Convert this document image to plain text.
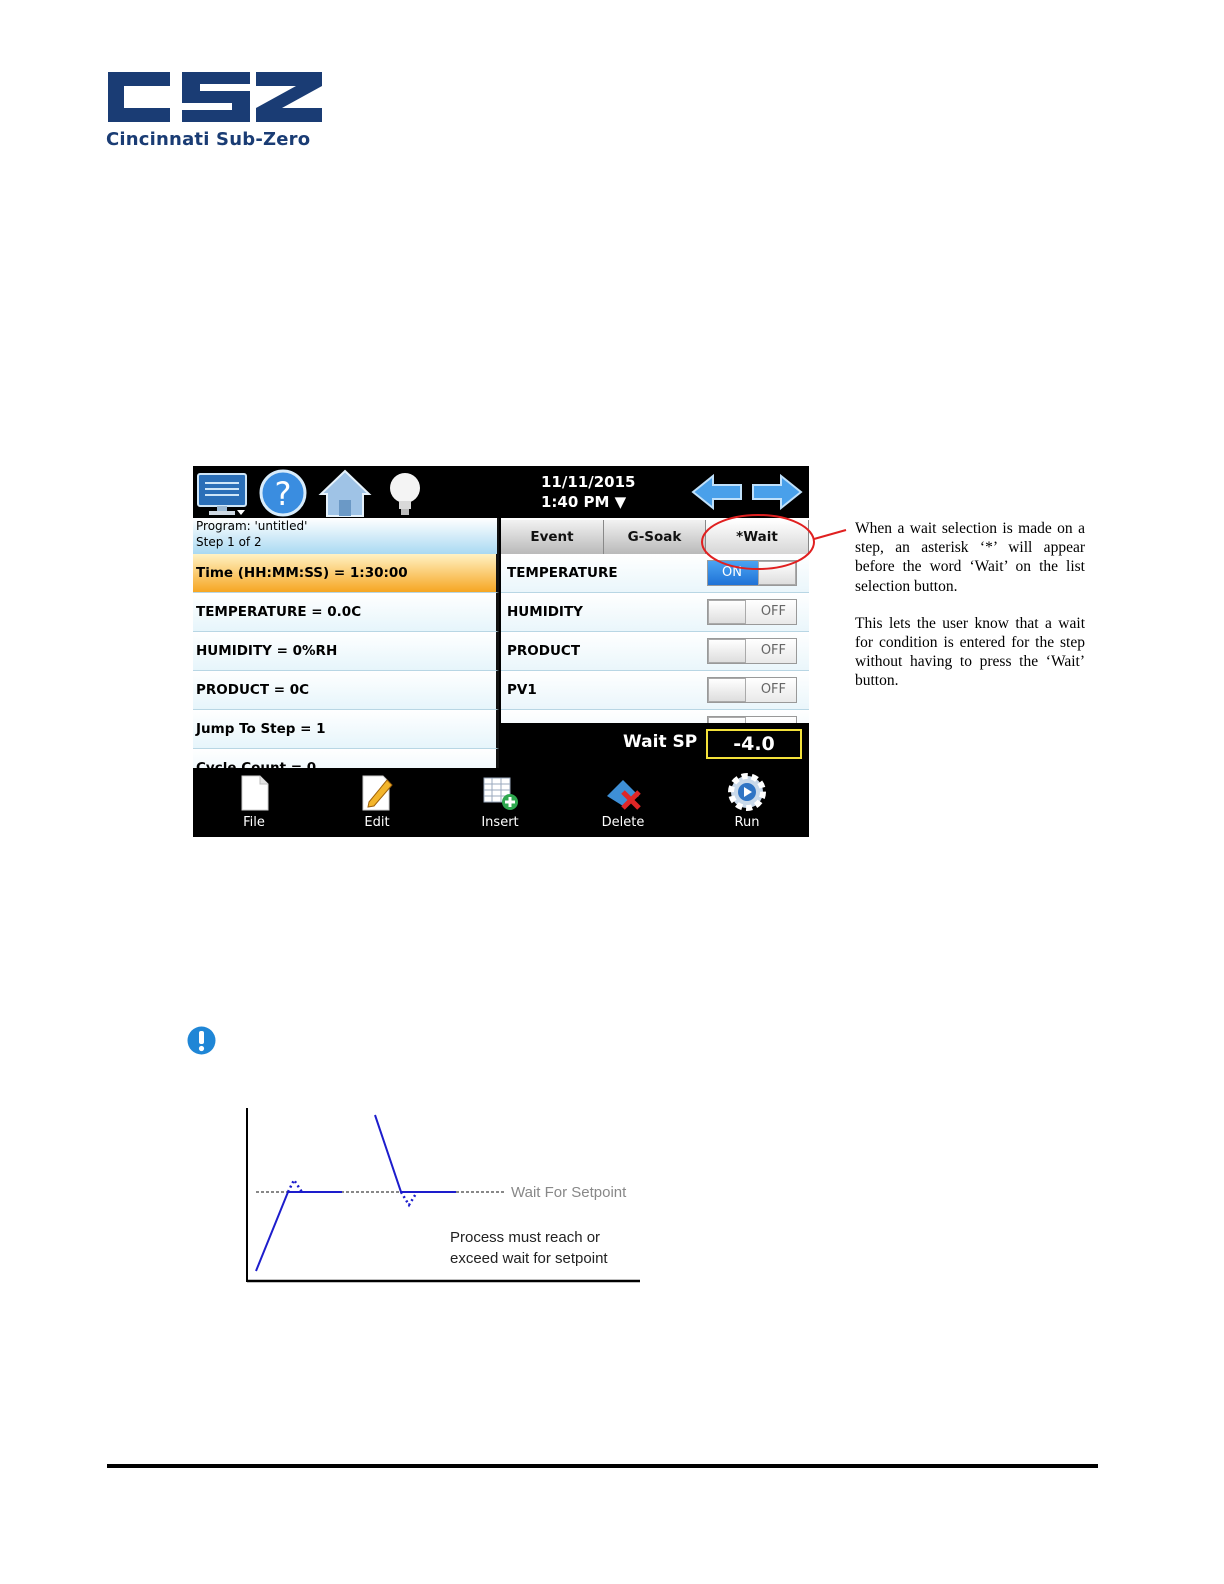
Cincinnati Sub-Zero
?	11/11/2015
1:40 PM ▼
Program: 'untitled'
Step 1 of 2
Time (HH:MM:SS) = 1:30:00
TEMPERATURE = 0.0C
HUMIDITY = 0%RH
PRODUCT = 0C
Jump To Step = 1
Event	G-Soak	*Wait
TEMPERATURE	ON
HUMIDITY	OFF
PRODUCT	OFF
PV1	OFF
Wait SP	-4.0
File	Edit	Insert	Delete	Run

When a wait selection is made on a step, an asterisk ‘*’ will appear before the word ‘Wait’ on the list selection button.

This lets the user know that a wait for condition is entered for the step without having to press the ‘Wait’ button.

Wait For Setpoint
Process must reach or
exceed wait for setpoint
